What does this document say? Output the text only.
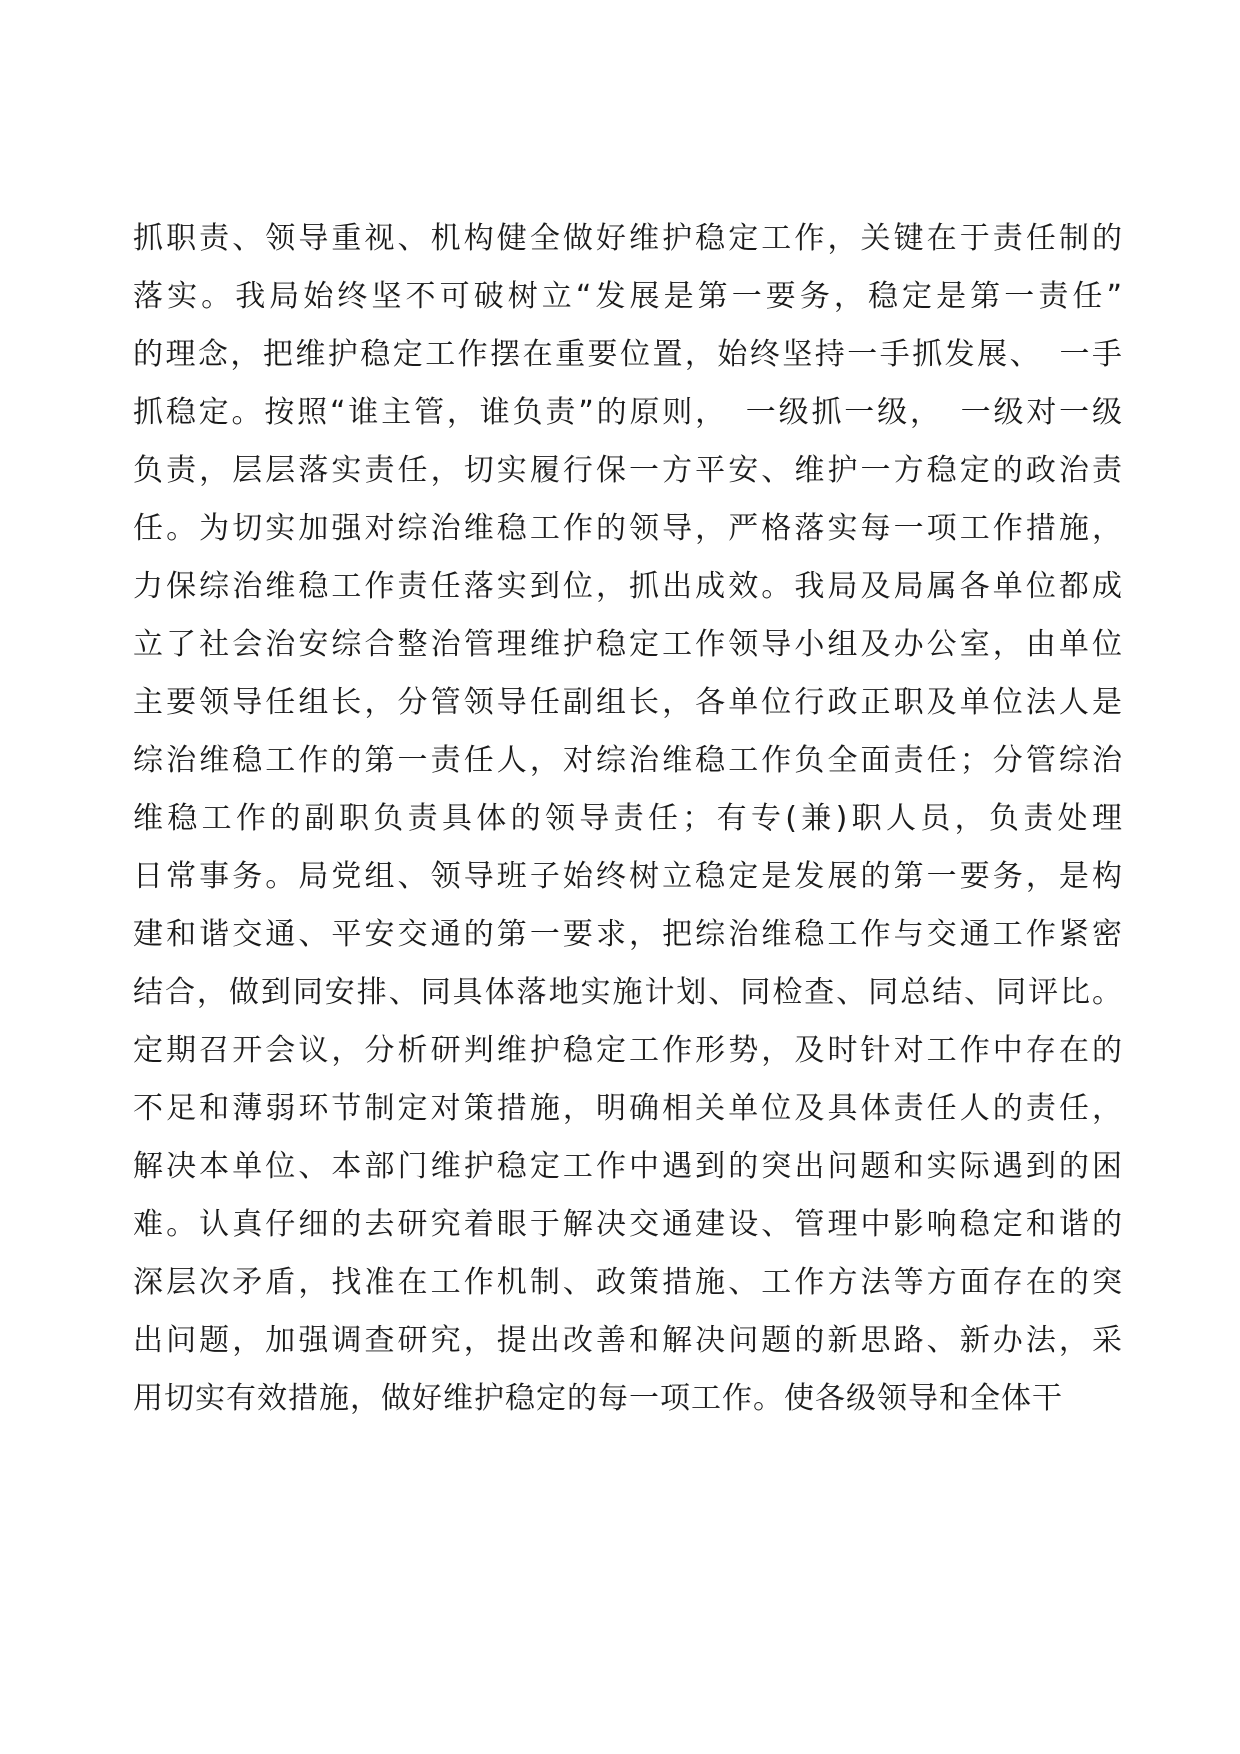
抓职责、领导重视、机构健全做好维护稳定工作，关键在于责任制的
落实。我局始终坚不可破树立“发展是第一要务，稳定是第一责任”
的理念，把维护稳定工作摆在重要位置，始终坚持一手抓发展、　一手
抓稳定。按照“谁主管，谁负责”的原则，　一级抓一级，　一级对一级
负责，层层落实责任，切实履行保一方平安、维护一方稳定的政治责
任。为切实加强对综治维稳工作的领导，严格落实每一项工作措施，
力保综治维稳工作责任落实到位，抓出成效。我局及局属各单位都成
立了社会治安综合整治管理维护稳定工作领导小组及办公室，由单位
主要领导任组长，分管领导任副组长，各单位行政正职及单位法人是
综治维稳工作的第一责任人，对综治维稳工作负全面责任；分管综治
维稳工作的副职负责具体的领导责任；有专(兼)职人员，负责处理
日常事务。局党组、领导班子始终树立稳定是发展的第一要务，是构
建和谐交通、平安交通的第一要求，把综治维稳工作与交通工作紧密
结合，做到同安排、同具体落地实施计划、同检查、同总结、同评比。
定期召开会议，分析研判维护稳定工作形势，及时针对工作中存在的
不足和薄弱环节制定对策措施，明确相关单位及具体责任人的责任，
解决本单位、本部门维护稳定工作中遇到的突出问题和实际遇到的困
难。认真仔细的去研究着眼于解决交通建设、管理中影响稳定和谐的
深层次矛盾，找准在工作机制、政策措施、工作方法等方面存在的突
出问题，加强调查研究，提出改善和解决问题的新思路、新办法，采
用切实有效措施，做好维护稳定的每一项工作。使各级领导和全体干
